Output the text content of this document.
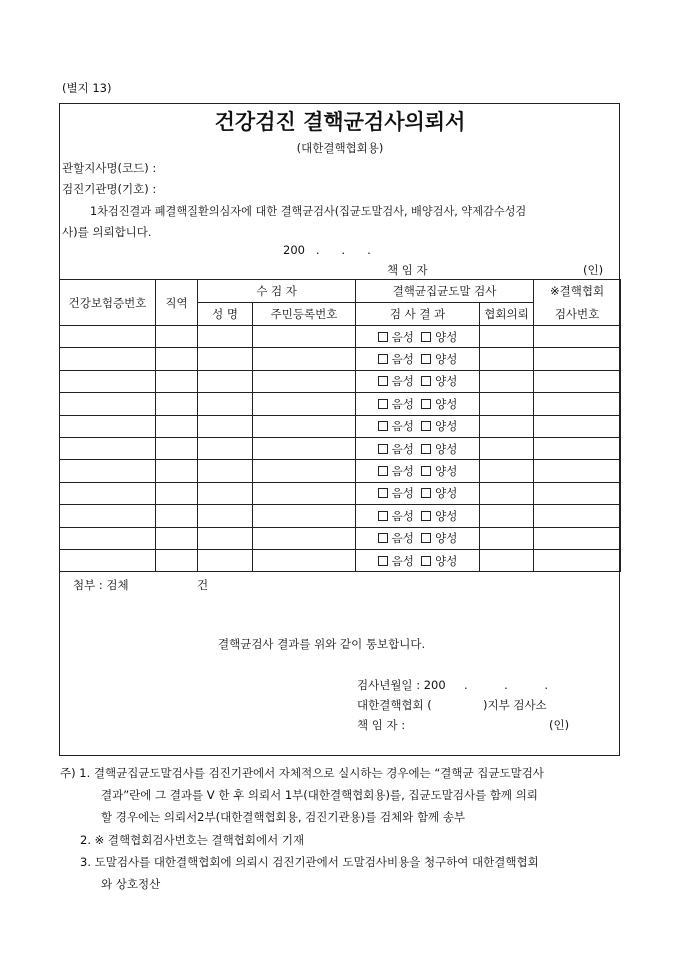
(별지 13)
건강검진 결핵균검사의뢰서
(대한결핵협회용)
관할지사명(코드) :
검진기관명(기호) :
1차검진결과 폐결핵질환의심자에 대한 결핵균검사(집균도말검사, 배양검사, 약제감수성검
사)를 의뢰합니다.
200   .      .      .
책 임 자	(인)
건강보험증번호	직역	수 검 자		결핵균집균도말 검사		※결핵협회
		성 명	주민등록번호	검 사 결 과	협회의뢰	검사번호
				음성 양성		
				음성 양성		
				음성 양성		
				음성 양성		
				음성 양성		
				음성 양성		
				음성 양성		
				음성 양성		
				음성 양성		
				음성 양성		
				음성 양성		
첨부 : 검체	건
결핵균검사 결과를 위와 같이 통보합니다.
검사년월일 : 200     .          .          .
대한결핵협회 (              )지부 검사소
책 임 자 :	(인)
주) 1. 결핵균집균도말검사를 검진기관에서 자체적으로 실시하는 경우에는 “결핵균 집균도말검사
결과”란에 그 결과를 V 한 후 의뢰서 1부(대한결핵협회용)를, 집균도말검사를 함께 의뢰
할 경우에는 의뢰서2부(대한결핵협회용, 검진기관용)를 검체와 함께 송부
2. ※ 결핵협회검사번호는 결핵협회에서 기재
3. 도말검사를 대한결핵협회에 의뢰시 검진기관에서 도말검사비용을 청구하여 대한결핵협회
와 상호정산
